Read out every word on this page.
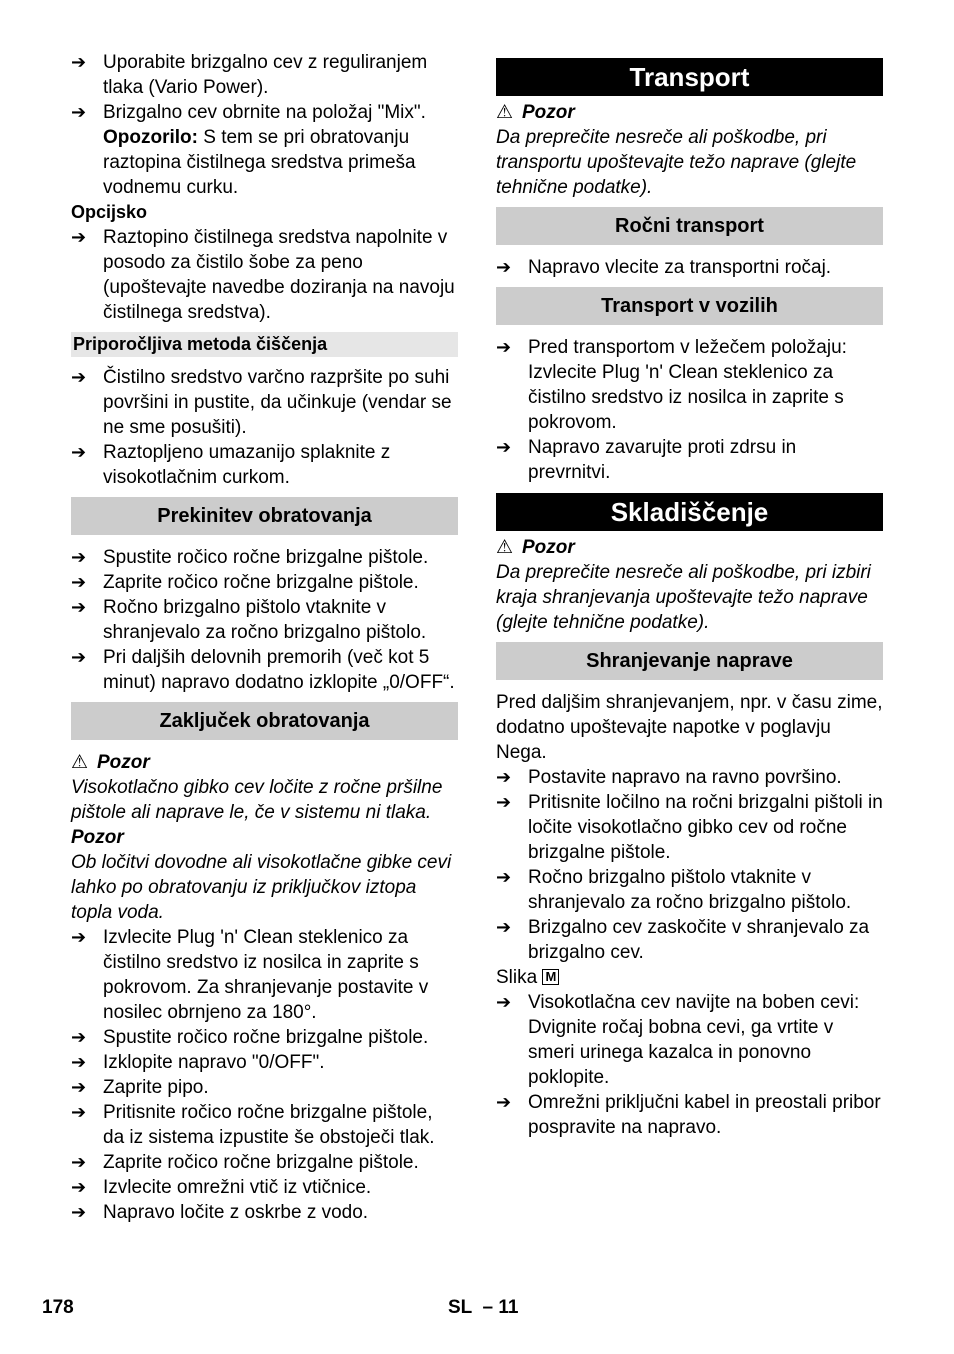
➔ Uporabite brizgalno cev z reguliranjem tlaka (Vario Power).
➔ Brizgalno cev obrnite na položaj "Mix".
Opozorilo: S tem se pri obratovanju raztopina čistilnega sredstva primeša vodnemu curku.
Opcijsko
➔ Raztopino čistilnega sredstva napolnite v posodo za čistilo šobe za peno (upoštevajte navedbe doziranja na navoju čistilnega sredstva).
Priporočljiva metoda čiščenja
➔ Čistilno sredstvo varčno razpršite po suhi površini in pustite, da učinkuje (vendar se ne sme posušiti).
➔ Raztopljeno umazanijo splaknite z visokotlačnim curkom.
Prekinitev obratovanja
➔ Spustite ročico ročne brizgalne pištole.
➔ Zaprite ročico ročne brizgalne pištole.
➔ Ročno brizgalno pištolo vtaknite v shranjevalo za ročno brizgalno pištolo.
➔ Pri daljših delovnih premorih (več kot 5 minut) napravo dodatno izklopite „0/OFF“.
Zaključek obratovanja
⚠ Pozor
Visokotlačno gibko cev ločite z ročne pršilne pištole ali naprave le, če v sistemu ni tlaka.
Pozor
Ob ločitvi dovodne ali visokotlačne gibke cevi lahko po obratovanju iz priključkov iztopa topla voda.
➔ Izvlecite Plug 'n' Clean steklenico za čistilno sredstvo iz nosilca in zaprite s pokrovom. Za shranjevanje postavite v nosilec obrnjeno za 180°.
➔ Spustite ročico ročne brizgalne pištole.
➔ Izklopite napravo "0/OFF".
➔ Zaprite pipo.
➔ Pritisnite ročico ročne brizgalne pištole, da iz sistema izpustite še obstoječi tlak.
➔ Zaprite ročico ročne brizgalne pištole.
➔ Izvlecite omrežni vtič iz vtičnice.
➔ Napravo ločite z oskrbe z vodo.
Transport
⚠ Pozor
Da preprečite nesreče ali poškodbe, pri transportu upoštevajte težo naprave (glejte tehnične podatke).
Ročni transport
➔ Napravo vlecite za transportni ročaj.
Transport v vozilih
➔ Pred transportom v ležečem položaju: Izvlecite Plug 'n' Clean steklenico za čistilno sredstvo iz nosilca in zaprite s pokrovom.
➔ Napravo zavarujte proti zdrsu in prevrnitvi.
Skladiščenje
⚠ Pozor
Da preprečite nesreče ali poškodbe, pri izbiri kraja shranjevanja upoštevajte težo naprave (glejte tehnične podatke).
Shranjevanje naprave
Pred daljšim shranjevanjem, npr. v času zime, dodatno upoštevajte napotke v poglavju Nega.
➔ Postavite napravo na ravno površino.
➔ Pritisnite ločilno na ročni brizgalni pištoli in ločite visokotlačno gibko cev od ročne brizgalne pištole.
➔ Ročno brizgalno pištolo vtaknite v shranjevalo za ročno brizgalno pištolo.
➔ Brizgalno cev zaskočite v shranjevalo za brizgalno cev.
Slika M
➔ Visokotlačna cev navijte na boben cevi: Dvignite ročaj bobna cevi, ga vrtite v smeri urinega kazalca in ponovno poklopite.
➔ Omrežni priključni kabel in preostali pribor pospravite na napravo.
178	SL  – 11
